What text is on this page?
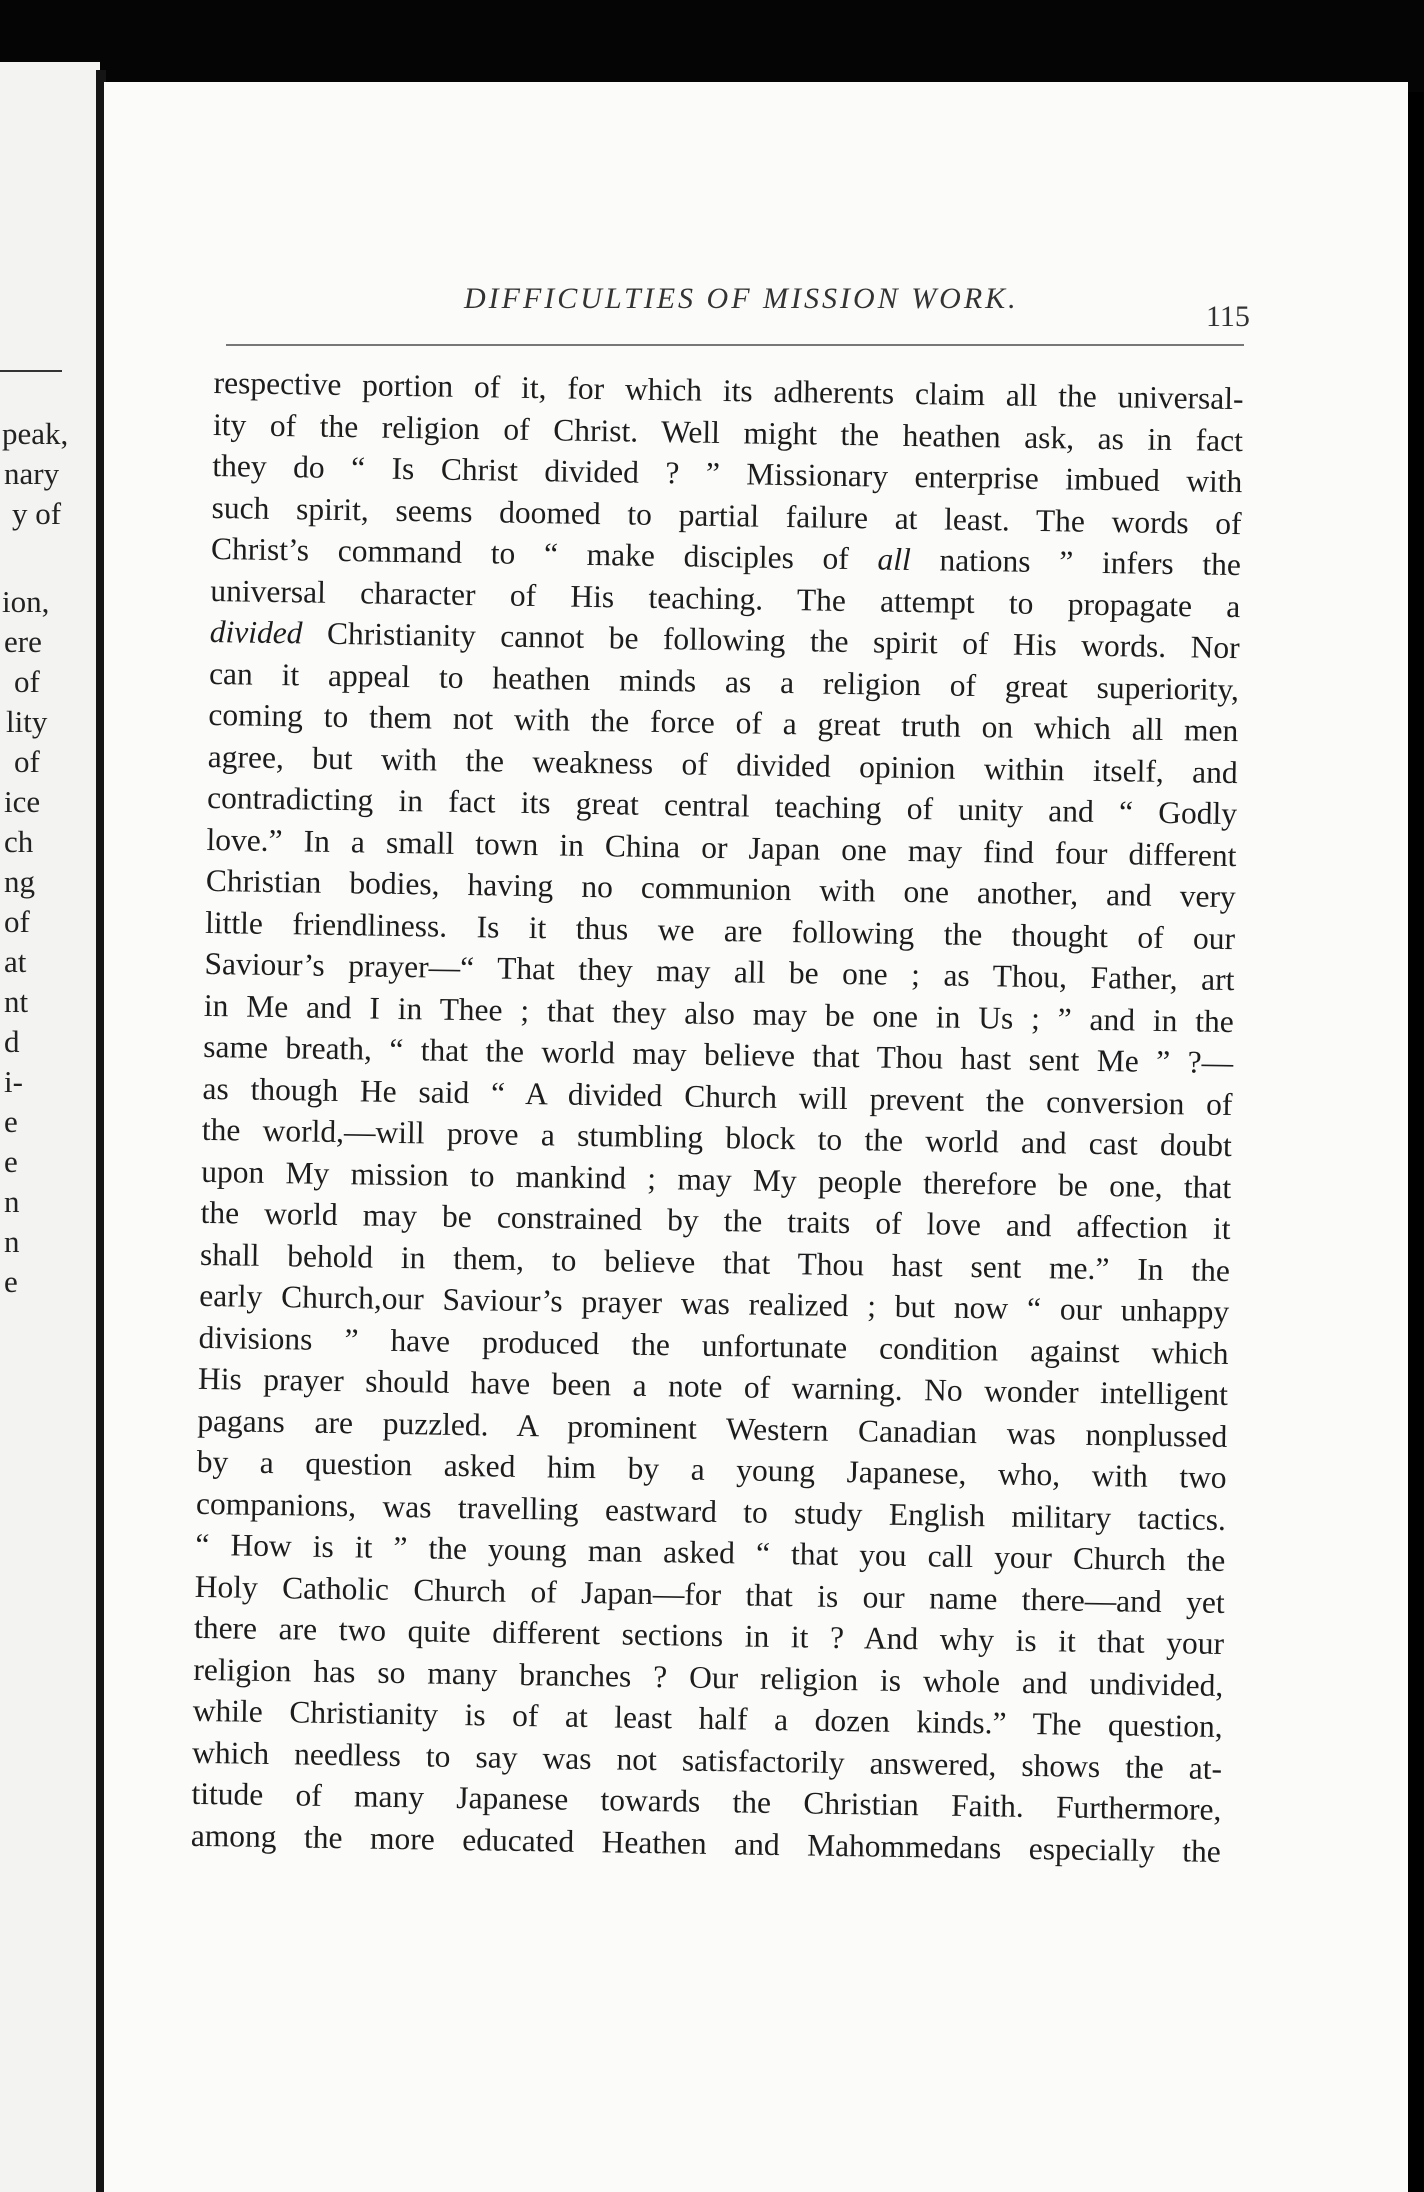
peak,
nary
y of
ion,
ere
of
lity
of
ice
ch
ng
of
at
nt
d
i-
e
e
n
n
e
DIFFICULTIES OF MISSION WORK.
115
respective portion of it, for which its adherents claim all the universal-
ity of the religion of Christ. Well might the heathen ask, as in fact
they do “ Is Christ divided ? ” Missionary enterprise imbued with
such spirit, seems doomed to partial failure at least. The words of
Christ’s command to “ make disciples of all nations ” infers the
universal character of His teaching. The attempt to propagate a
divided Christianity cannot be following the spirit of His words. Nor
can it appeal to heathen minds as a religion of great superiority,
coming to them not with the force of a great truth on which all men
agree, but with the weakness of divided opinion within itself, and
contradicting in fact its great central teaching of unity and “ Godly
love.” In a small town in China or Japan one may find four different
Christian bodies, having no communion with one another, and very
little friendliness. Is it thus we are following the thought of our
Saviour’s prayer—“ That they may all be one ; as Thou, Father, art
in Me and I in Thee ; that they also may be one in Us ; ” and in the
same breath, “ that the world may believe that Thou hast sent Me ” ?—
as though He said “ A divided Church will prevent the conversion of
the world,—will prove a stumbling block to the world and cast doubt
upon My mission to mankind ; may My people therefore be one, that
the world may be constrained by the traits of love and affection it
shall behold in them, to believe that Thou hast sent me.” In the
early Church,our Saviour’s prayer was realized ; but now “ our unhappy
divisions ” have produced the unfortunate condition against which
His prayer should have been a note of warning. No wonder intelligent
pagans are puzzled. A prominent Western Canadian was nonplussed
by a question asked him by a young Japanese, who, with two
companions, was travelling eastward to study English military tactics.
“ How is it ” the young man asked “ that you call your Church the
Holy Catholic Church of Japan—for that is our name there—and yet
there are two quite different sections in it ? And why is it that your
religion has so many branches ? Our religion is whole and undivided,
while Christianity is of at least half a dozen kinds.” The question,
which needless to say was not satisfactorily answered, shows the at-
titude of many Japanese towards the Christian Faith. Furthermore,
among the more educated Heathen and Mahommedans especially the
